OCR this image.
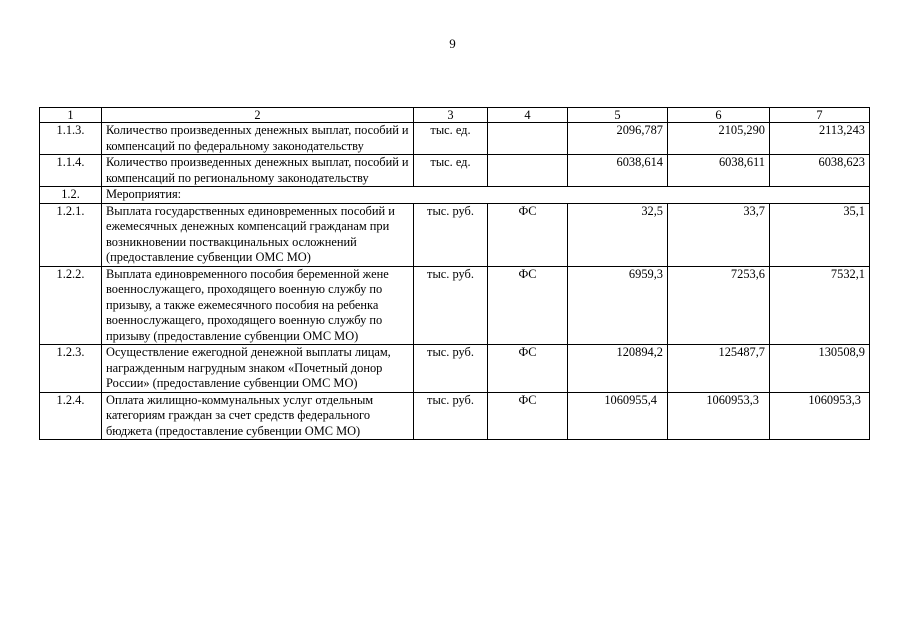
9
1	2	3	4	5	6	7
1.1.3.	Количество произведенных денежных выплат, пособий и компенсаций по федеральному законодательству	тыс. ед.		2096,787	2105,290	2113,243
1.1.4.	Количество произведенных денежных выплат, пособий и компенсаций по региональному законодательству	тыс. ед.		6038,614	6038,611	6038,623
1.2.	Мероприятия:					
1.2.1.	Выплата государственных единовременных пособий и ежемесячных денежных компенсаций гражданам при возникновении поствакцинальных осложнений (предоставление субвенции ОМС МО)	тыс. руб.	ФС	32,5	33,7	35,1
1.2.2.	Выплата единовременного пособия беременной жене военнослужащего, проходящего военную службу по призыву, а также ежемесячного пособия на ребенка военнослужащего, проходящего военную службу по призыву (предоставление субвенции ОМС МО)	тыс. руб.	ФС	6959,3	7253,6	7532,1
1.2.3.	Осуществление ежегодной денежной выплаты лицам, награжденным нагрудным знаком «Почетный донор России» (предоставление субвенции ОМС МО)	тыс. руб.	ФС	120894,2	125487,7	130508,9
1.2.4.	Оплата жилищно-коммунальных услуг отдельным категориям граждан за счет средств федерального бюджета (предоставление субвенции ОМС МО)	тыс. руб.	ФС	1060955,4	1060953,3	1060953,3
